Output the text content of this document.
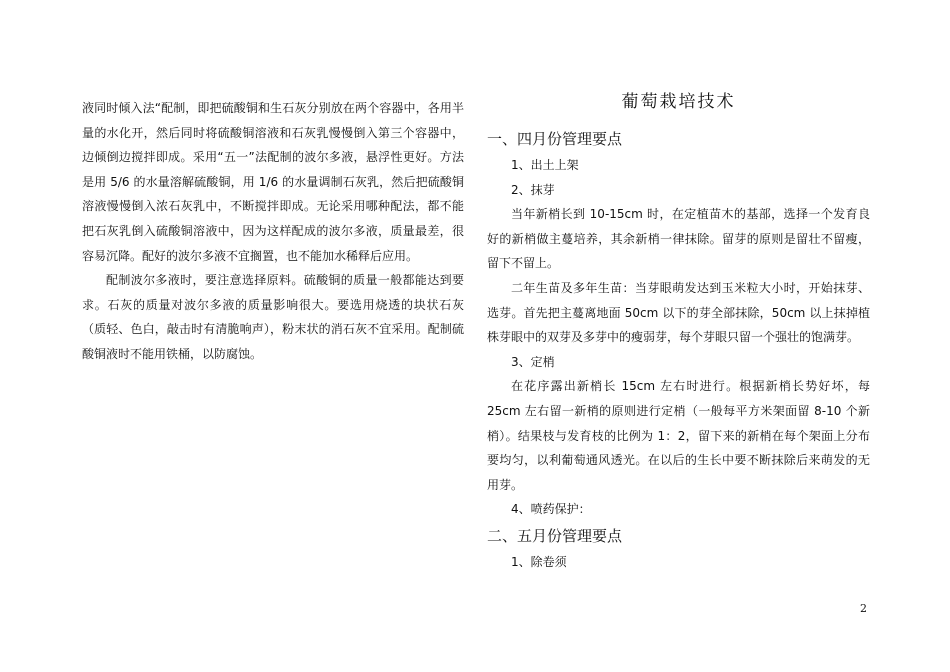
液同时倾入法“配制，即把硫酸铜和生石灰分别放在两个容器中，各用半量的水化开，然后同时将硫酸铜溶液和石灰乳慢慢倒入第三个容器中，边倾倒边搅拌即成。采用“五一”法配制的波尔多液，悬浮性更好。方法是用 5/6 的水量溶解硫酸铜，用 1/6 的水量调制石灰乳，然后把硫酸铜溶液慢慢倒入浓石灰乳中，不断搅拌即成。无论采用哪种配法，都不能把石灰乳倒入硫酸铜溶液中，因为这样配成的波尔多液，质量最差，很容易沉降。配好的波尔多液不宜搁置，也不能加水稀释后应用。

配制波尔多液时，要注意选择原料。硫酸铜的质量一般都能达到要求。石灰的质量对波尔多液的质量影响很大。要选用烧透的块状石灰（质轻、色白，敲击时有清脆响声），粉末状的消石灰不宜采用。配制硫酸铜液时不能用铁桶，以防腐蚀。

葡萄栽培技术
一、四月份管理要点

1、出土上架

2、抹芽

当年新梢长到 10-15cm 时，在定植苗木的基部，选择一个发育良好的新梢做主蔓培养，其余新梢一律抹除。留芽的原则是留壮不留瘦，留下不留上。

二年生苗及多年生苗：当芽眼萌发达到玉米粒大小时，开始抹芽、选芽。首先把主蔓离地面 50cm 以下的芽全部抹除，50cm 以上抹掉植株芽眼中的双芽及多芽中的瘦弱芽，每个芽眼只留一个强壮的饱满芽。

3、定梢

在花序露出新梢长 15cm 左右时进行。根据新梢长势好坏，每 25cm 左右留一新梢的原则进行定梢（一般每平方米架面留 8-10 个新梢）。结果枝与发育枝的比例为 1：2，留下来的新梢在每个架面上分布要均匀，以利葡萄通风透光。在以后的生长中要不断抹除后来萌发的无用芽。

4、喷药保护：

二、五月份管理要点

1、除卷须

2
